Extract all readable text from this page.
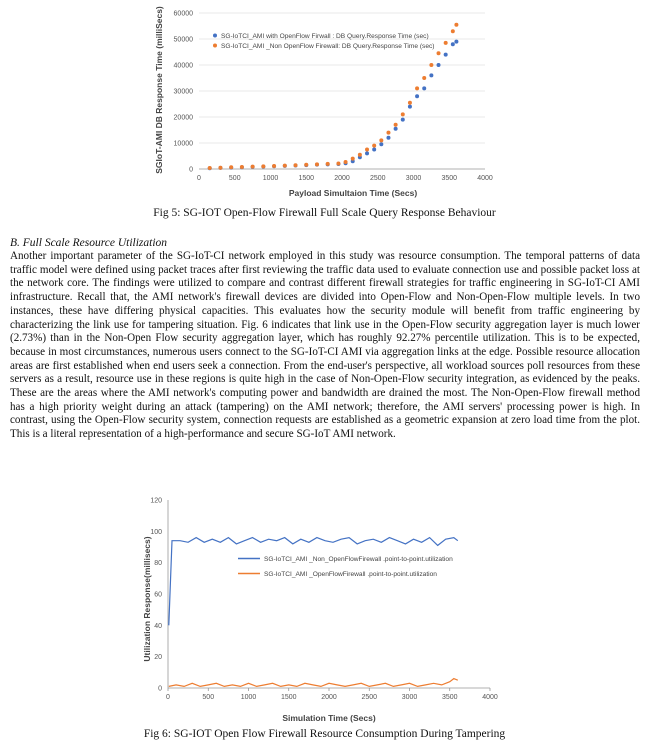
0
10000
20000
30000
40000
50000
60000
0	500	1000	1500	2000	2500	3000	3500	4000
SG-IoTCI_AMI with OpenFlow Firwall : DB Query.Response Time (sec)
SG-IoTCI_AMI _Non OpenFlow Firewall: DB Query.Response Time (sec)
Payload Simultaion Time (Secs)
SGIoT-AMI DB Response Time (milliSecs)
Fig 5: SG-IOT Open-Flow Firewall Full Scale Query Response Behaviour
B. Full Scale Resource Utilization
Another important parameter of the SG-IoT-CI network employed in this study was resource consumption. The temporal patterns of data traffic model were defined using packet traces after first reviewing the traffic data used to evaluate connection use and possible packet loss at the network core. The findings were utilized to compare and contrast different firewall strategies for traffic engineering in SG-IoT-CI AMI infrastructure. Recall that, the AMI network's firewall devices are divided into Open-Flow and Non-Open-Flow multiple levels. In two instances, these have differing physical capacities. This evaluates how the security module will benefit from traffic engineering by characterizing the link use for tampering situation. Fig. 6 indicates that link use in the Open-Flow security aggregation layer is much lower (2.73%) than in the Non-Open Flow security aggregation layer, which has roughly 92.27% percentile utilization. This is to be expected, because in most circumstances, numerous users connect to the SG-IoT-CI AMI via aggregation links at the edge. Possible resource allocation areas are first established when end users seek a connection. From the end-user's perspective, all workload sources poll resources from these servers as a result, resource use in these regions is quite high in the case of Non-Open-Flow security integration, as evidenced by the peaks. These are the areas where the AMI network's computing power and bandwidth are drained the most. The Non-Open-Flow firewall method has a high priority weight during an attack (tampering) on the AMI network; therefore, the AMI servers' processing power is high. In contrast, using the Open-Flow security system, connection requests are established as a geometric expansion at zero load time from the plot. This is a literal representation of a high-performance and secure SG-IoT AMI network.
0
20
40
60
80
100
120
0	500	1000	1500	2000	2500	3000	3500	4000
SG-IoTCI_AMI _Non_OpenFlowFirewall .point-to-point.utilization
SG-IoTCI_AMI _OpenFlowFirewall .point-to-point.utilization
Simulation Time (Secs)
Utilization Response(millisecs)
Fig 6: SG-IOT Open Flow Firewall Resource Consumption During Tampering
